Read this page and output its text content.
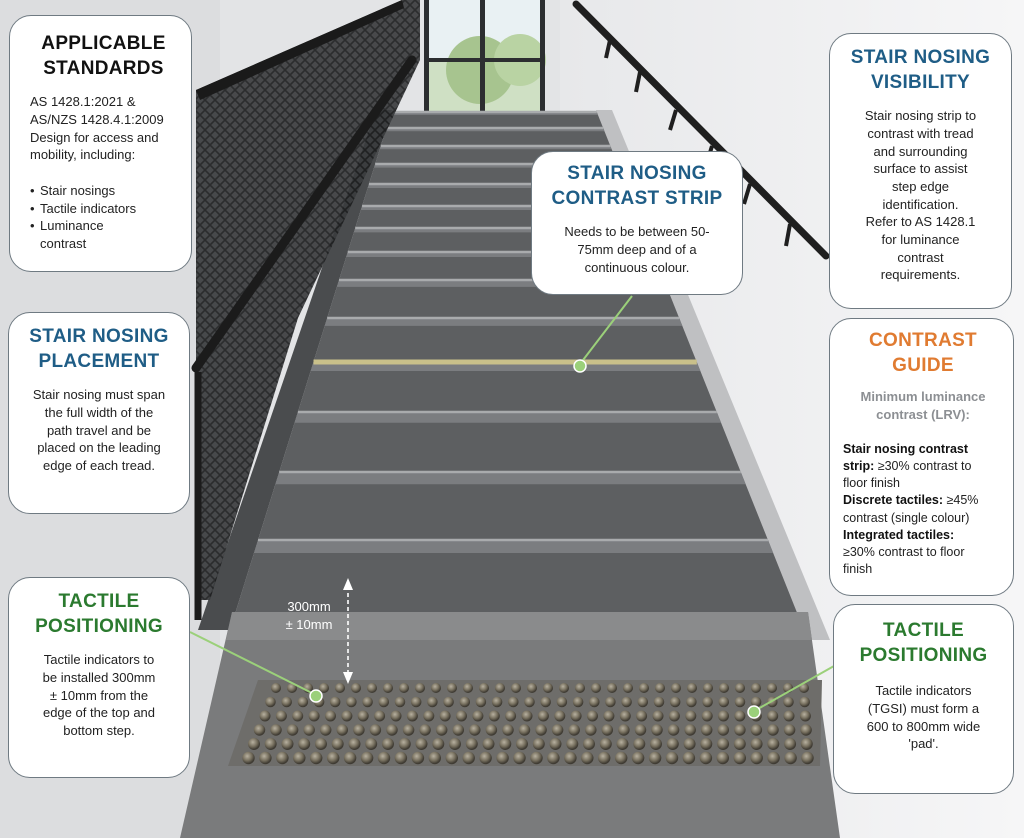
APPLICABLE
STANDARDS

AS 1428.1:2021 &
AS/NZS 1428.4.1:2009
Design for access and
mobility, including:

• Stair nosings
• Tactile indicators
• Luminance
contrast
STAIR NOSING
PLACEMENT

Stair nosing must span
the full width of the
path travel and be
placed on the leading
edge of each tread.

TACTILE
POSITIONING

Tactile indicators to
be installed 300mm
± 10mm from the
edge of the top and
bottom step.

STAIR NOSING
CONTRAST STRIP

Needs to be between 50-
75mm deep and of a
continuous colour.

STAIR NOSING
VISIBILITY

Stair nosing strip to
contrast with tread
and surrounding
surface to assist
step edge
identification.
Refer to AS 1428.1
for luminance
contrast
requirements.

CONTRAST
GUIDE

Minimum luminance
contrast (LRV):

Stair nosing contrast
strip: ≥30% contrast to
floor finish

Discrete tactiles: ≥45%
contrast (single colour)

Integrated tactiles:
≥30% contrast to floor
finish

TACTILE
POSITIONING

Tactile indicators
(TGSI) must form a
600 to 800mm wide
'pad'.

300mm
± 10mm
